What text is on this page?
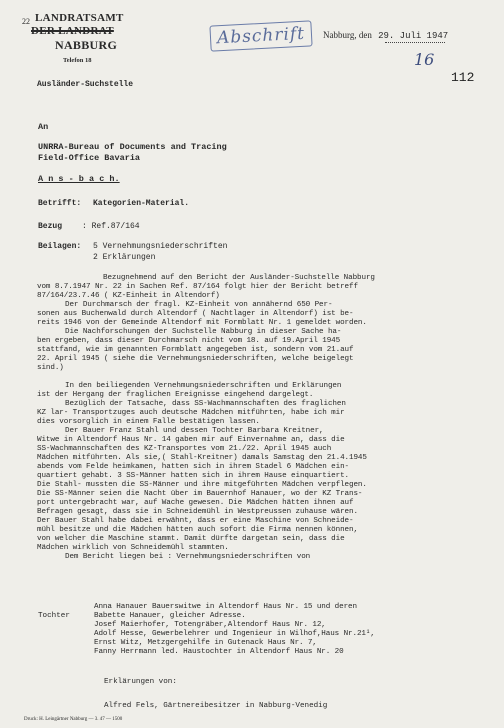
22 LANDRATSAMT
DER LANDRAT
NABBURG
Telefon 18
Abschrift	Nabburg, den 29. Juli 1947
16
112
Ausländer-Suchstelle
An
UNRRA-Bureau of Documents and Tracing
Field-Office Bavaria
A n s - b a c h.
Betrifft: Kategorien-Material.
Bezug : Ref.87/164
Beilagen: 5 Vernehmungsniederschriften
2 Erklärungen
Bezugnehmend auf den Bericht der Ausländer-Suchstelle Nabburg
vom 8.7.1947 Nr. 22 in Sachen Ref. 87/164 folgt hier der Bericht betreff
87/164/23.7.46 ( KZ-Einheit in Altendorf)
Der Durchmarsch der fragl. KZ-Einheit von annähernd 650 Per-
sonen aus Buchenwald durch Altendorf ( Nachtlager in Altendorf) ist be-
reits 1946 von der Gemeinde Altendorf mit Formblatt Nr. 1 gemeldet worden.
Die Nachforschungen der Suchstelle Nabburg in dieser Sache ha-
ben ergeben, dass dieser Durchmarsch nicht vom 18. auf 19.April 1945
stattfand, wie im genannten Formblatt angegeben ist, sondern vom 21.auf
22. April 1945 ( siehe die Vernehmungsniederschriften, welche beigelegt
sind.)
In den beiliegenden Vernehmungsniederschriften und Erklärungen
ist der Hergang der fraglichen Ereignisse eingehend dargelegt.
Bezüglich der Tatsache, dass SS-Wachmannschaften des fraglichen
KZ lar- Transportzuges auch deutsche Mädchen mitführten, habe ich mir
dies vorsorglich in einem Falle bestätigen lassen.
Der Bauer Franz Stahl und dessen Tochter Barbara Kreitner,
Witwe in Altendorf Haus Nr. 14 gaben mir auf Einvernahme an, dass die
SS-Wachmannschaften des KZ-Transportes vom 21./22. April 1945 auch
Mädchen mitführten. Als sie,( Stahl-Kreitner) damals Samstag den 21.4.1945
abends vom Felde heimkamen, hatten sich in ihrem Stadel 6 Mädchen ein-
quartiert gehabt. 3 SS-Männer hatten sich in ihrem Hause einquartiert.
Die Stahl- mussten die SS-Männer und ihre mitgeführten Mädchen verpflegen.
Die SS-Männer seien die Nacht über im Bauernhof Hanauer, wo der KZ Trans-
port untergebracht war, auf Wache gewesen. Die Mädchen hätten ihnen auf
Befragen gesagt, dass sie in Schneidemühl in Westpreussen zuhause wären.
Der Bauer Stahl habe dabei erwähnt, dass er eine Maschine von Schneide-
mühl besitze und die Mädchen hätten auch sofort die Firma nennen können,
von welcher die Maschine stammt. Damit dürfte dargetan sein, dass die
Mädchen wirklich von Schneidemühl stammten.
Dem Bericht liegen bei : Vernehmungsniederschriften von
Tochter
Anna Hanauer Bauerswitwe in Altendorf Haus Nr. 15 und deren
Babette Hanauer, gleicher Adresse.
Josef Maierhofer, Totengräber,Altendorf Haus Nr. 12,
Adolf Hesse, Gewerbelehrer und Ingenieur in Wilhof,Haus Nr.21¹,
Ernst Witz, Metzgergehilfe in Gutenack Haus Nr. 7,
Fanny Herrmann led. Haustochter in Altendorf Haus Nr. 20
Erklärungen von:
Alfred Fels, Gärtnereibesitzer in Nabburg-Venedig
Druck: H. Leingärtner Nabburg — 3. 47 — 1500
